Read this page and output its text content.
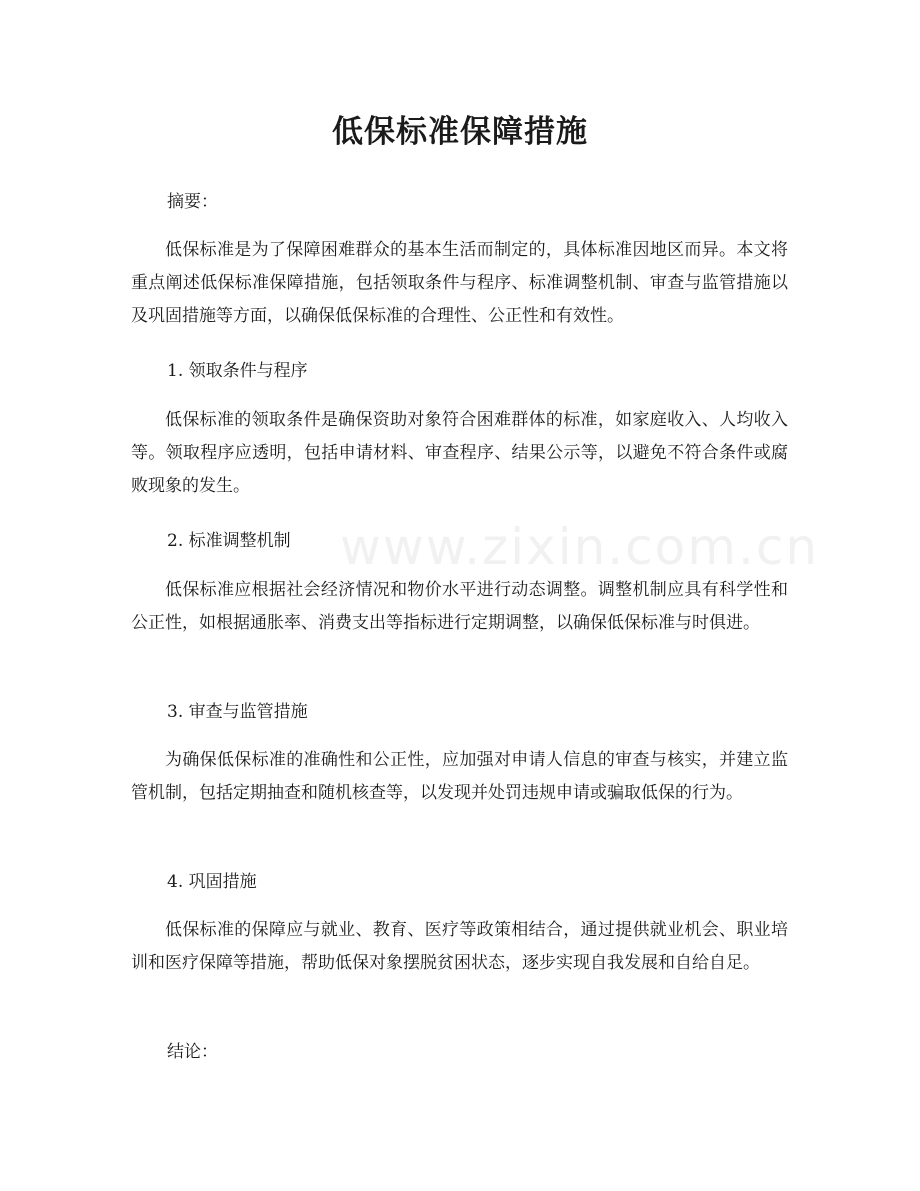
www.zixin.com.cn
低保标准保障措施

摘要：

低保标准是为了保障困难群众的基本生活而制定的，具体标准因地区而异。本文将重点阐述低保标准保障措施，包括领取条件与程序、标准调整机制、审查与监管措施以及巩固措施等方面，以确保低保标准的合理性、公正性和有效性。

1. 领取条件与程序

低保标准的领取条件是确保资助对象符合困难群体的标准，如家庭收入、人均收入等。领取程序应透明，包括申请材料、审查程序、结果公示等，以避免不符合条件或腐败现象的发生。

2. 标准调整机制

低保标准应根据社会经济情况和物价水平进行动态调整。调整机制应具有科学性和公正性，如根据通胀率、消费支出等指标进行定期调整，以确保低保标准与时俱进。

3. 审查与监管措施

为确保低保标准的准确性和公正性，应加强对申请人信息的审查与核实，并建立监管机制，包括定期抽查和随机核查等，以发现并处罚违规申请或骗取低保的行为。

4. 巩固措施

低保标准的保障应与就业、教育、医疗等政策相结合，通过提供就业机会、职业培训和医疗保障等措施，帮助低保对象摆脱贫困状态，逐步实现自我发展和自给自足。

结论：
